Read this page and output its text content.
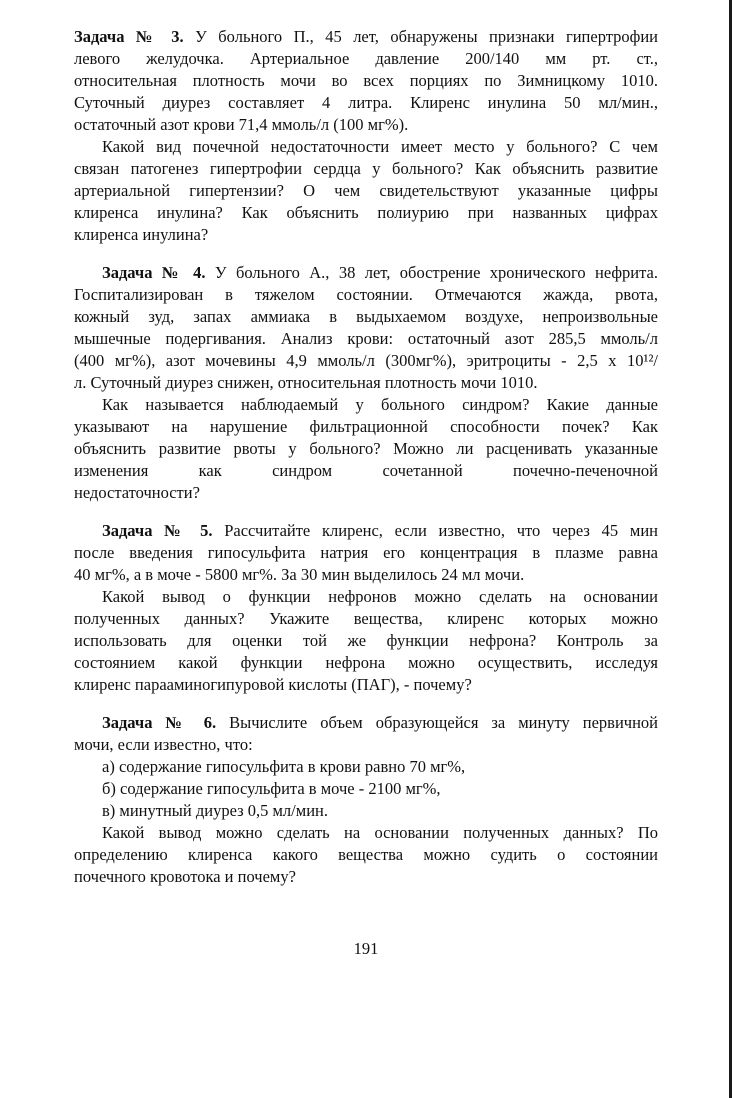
Задача № 3. У больного П., 45 лет, обнаружены признаки гипертрофии
левого желудочка. Артериальное давление 200/140 мм рт. ст.,
относительная плотность мочи во всех порциях по Зимницкому 1010.
Суточный диурез составляет 4 литра. Клиренс инулина 50 мл/мин.,
остаточный азот крови 71,4 ммоль/л (100 мг%).
Какой вид почечной недостаточности имеет место у больного? С чем
связан патогенез гипертрофии сердца у больного? Как объяснить развитие
артериальной гипертензии? О чем свидетельствуют указанные цифры
клиренса инулина? Как объяснить полиурию при названных цифрах
клиренса инулина?
Задача № 4. У больного А., 38 лет, обострение хронического нефрита.
Госпитализирован в тяжелом состоянии. Отмечаются жажда, рвота,
кожный зуд, запах аммиака в выдыхаемом воздухе, непроизвольные
мышечные подергивания. Анализ крови: остаточный азот 285,5 ммоль/л
(400 мг%), азот мочевины 4,9 ммоль/л (300мг%), эритроциты - 2,5 x 10¹²/
л. Суточный диурез снижен, относительная плотность мочи 1010.
Как называется наблюдаемый у больного синдром? Какие данные
указывают на нарушение фильтрационной способности почек? Как
объяснить развитие рвоты у больного? Можно ли расценивать указанные
изменения как синдром сочетанной почечно-печеночной
недостаточности?
Задача № 5. Рассчитайте клиренс, если известно, что через 45 мин
после введения гипосульфита натрия его концентрация в плазме равна
40 мг%, а в моче - 5800 мг%. За 30 мин выделилось 24 мл мочи.
Какой вывод о функции нефронов можно сделать на основании
полученных данных? Укажите вещества, клиренс которых можно
использовать для оценки той же функции нефрона? Контроль за
состоянием какой функции нефрона можно осуществить, исследуя
клиренс парааминогипуровой кислоты (ПАГ), - почему?
Задача № 6. Вычислите объем образующейся за минуту первичной
мочи, если известно, что:
а) содержание гипосульфита в крови равно 70 мг%,
б) содержание гипосульфита в моче - 2100 мг%,
в) минутный диурез 0,5 мл/мин.
Какой вывод можно сделать на основании полученных данных? По
определению клиренса какого вещества можно судить о состоянии
почечного кровотока и почему?
191
